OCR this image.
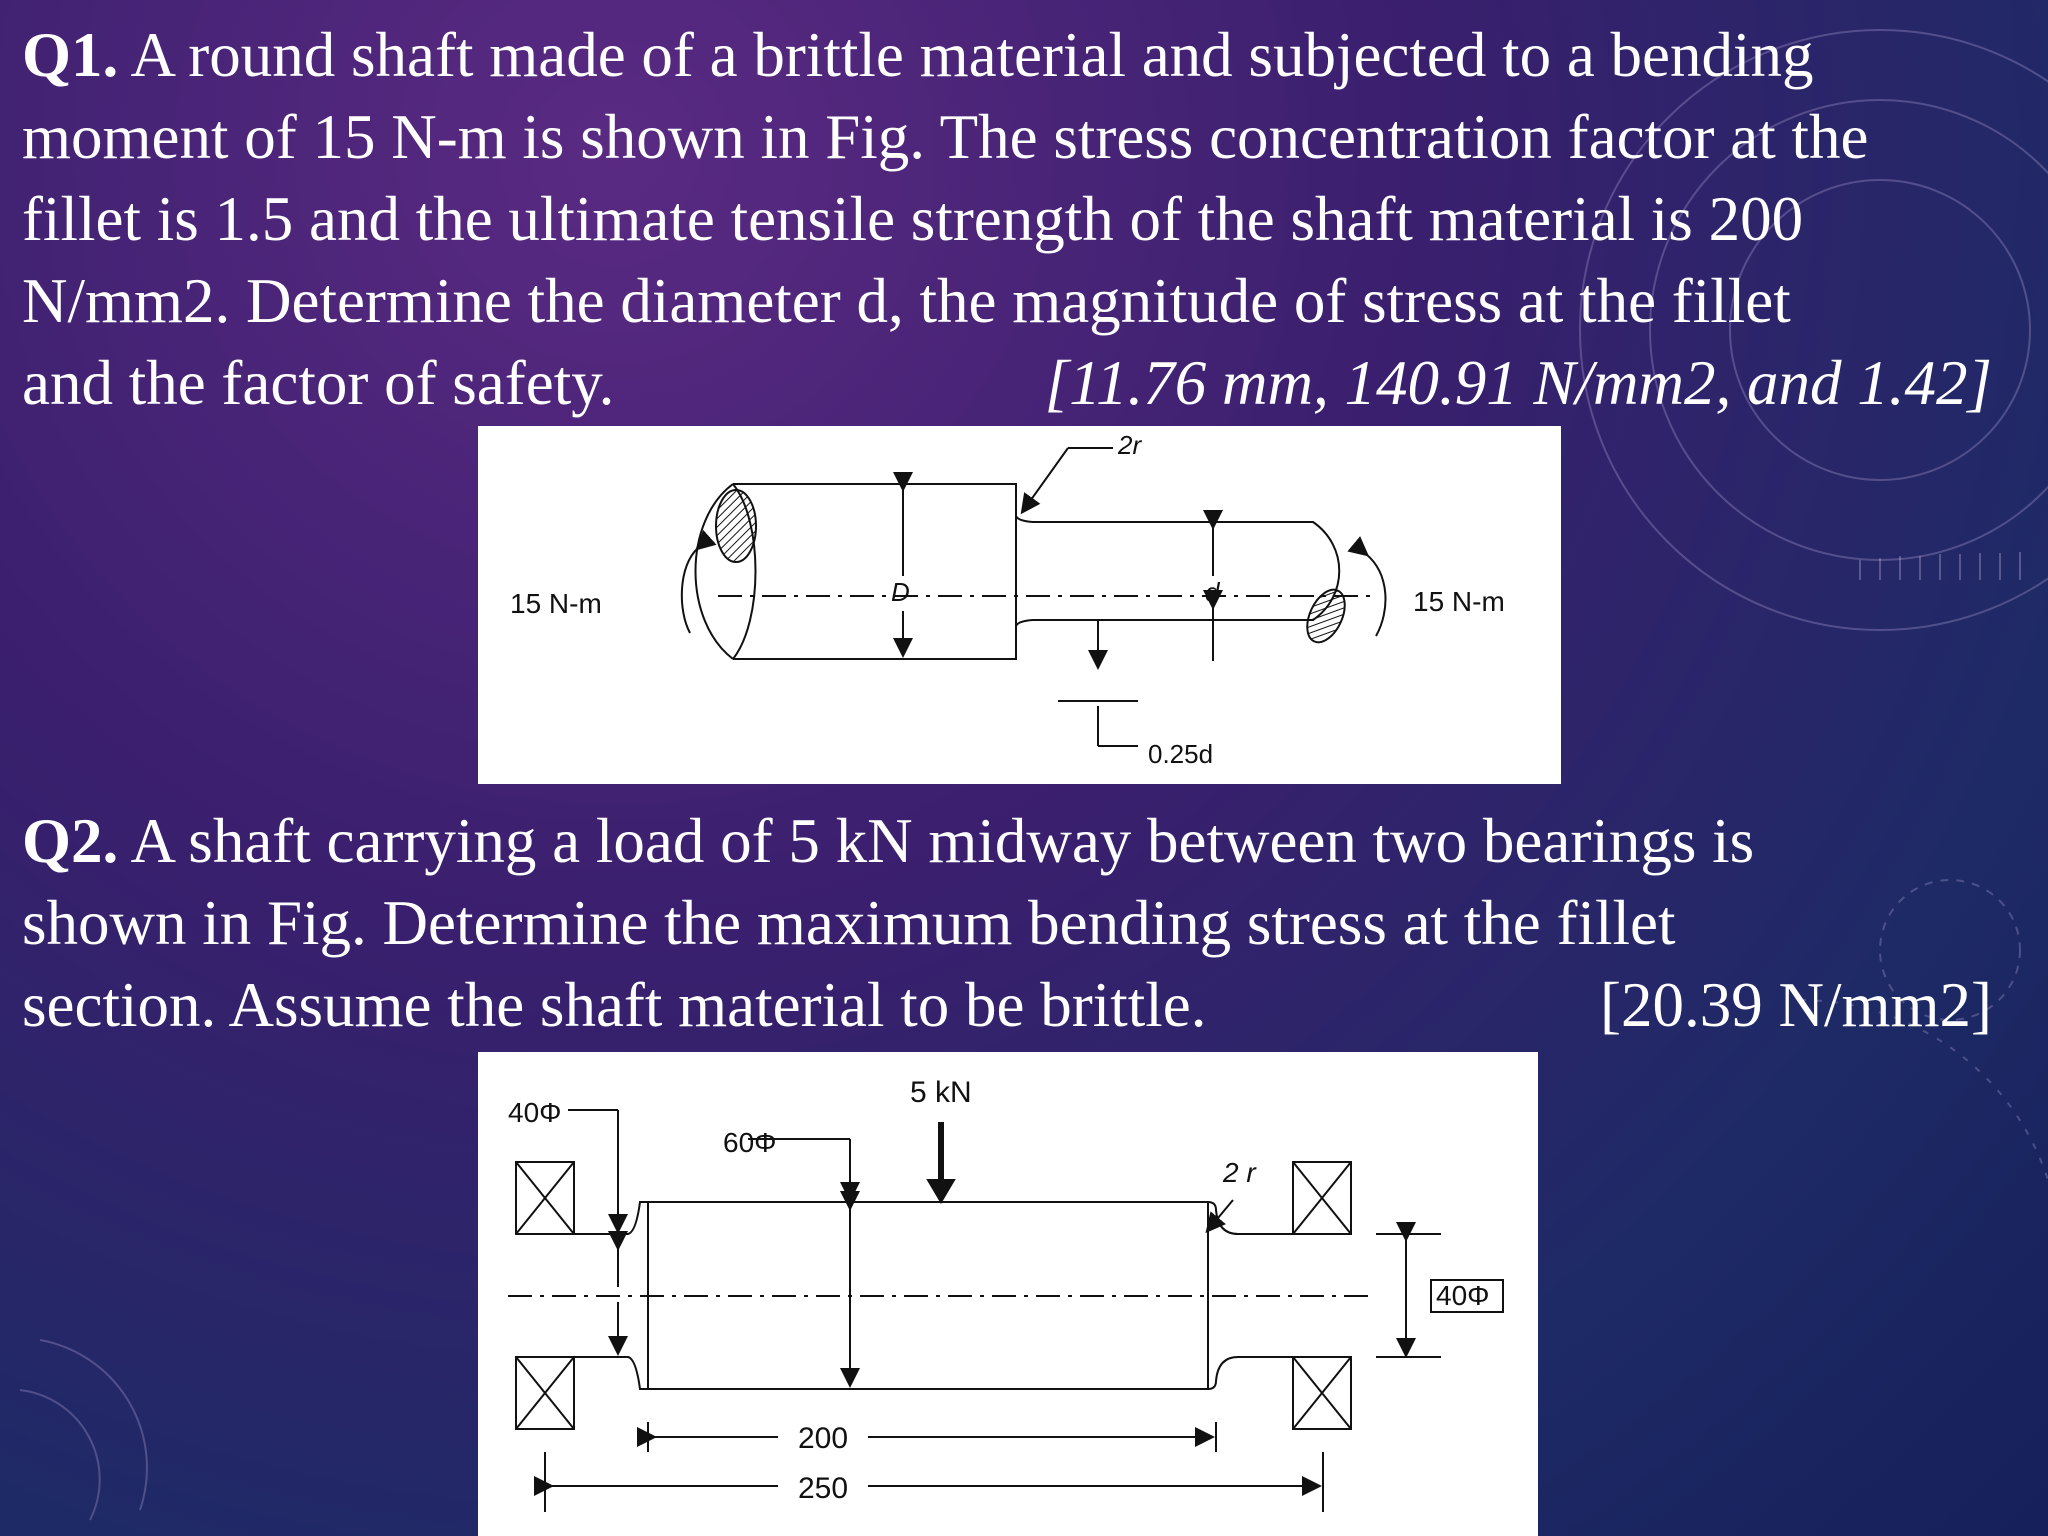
Q1. A round shaft made of a brittle material and subjected to a bending
moment of 15 N-m is shown in Fig. The stress concentration factor at the
fillet is 1.5 and the ultimate tensile strength of the shaft material is 200
N/mm2. Determine the diameter d, the magnitude of stress at the fillet
and the factor of safety.	[11.76 mm, 140.91 N/mm2, and 1.42]
15 N-m	15 N-m
D	d
2r
0.25d
Q2. A shaft carrying a load of 5 kN midway between two bearings is
shown in Fig. Determine the maximum bending stress at the fillet
section. Assume the shaft material to be brittle.	[20.39 N/mm2]
5 kN
40Φ
60Φ
40Φ
2 r
200
250
